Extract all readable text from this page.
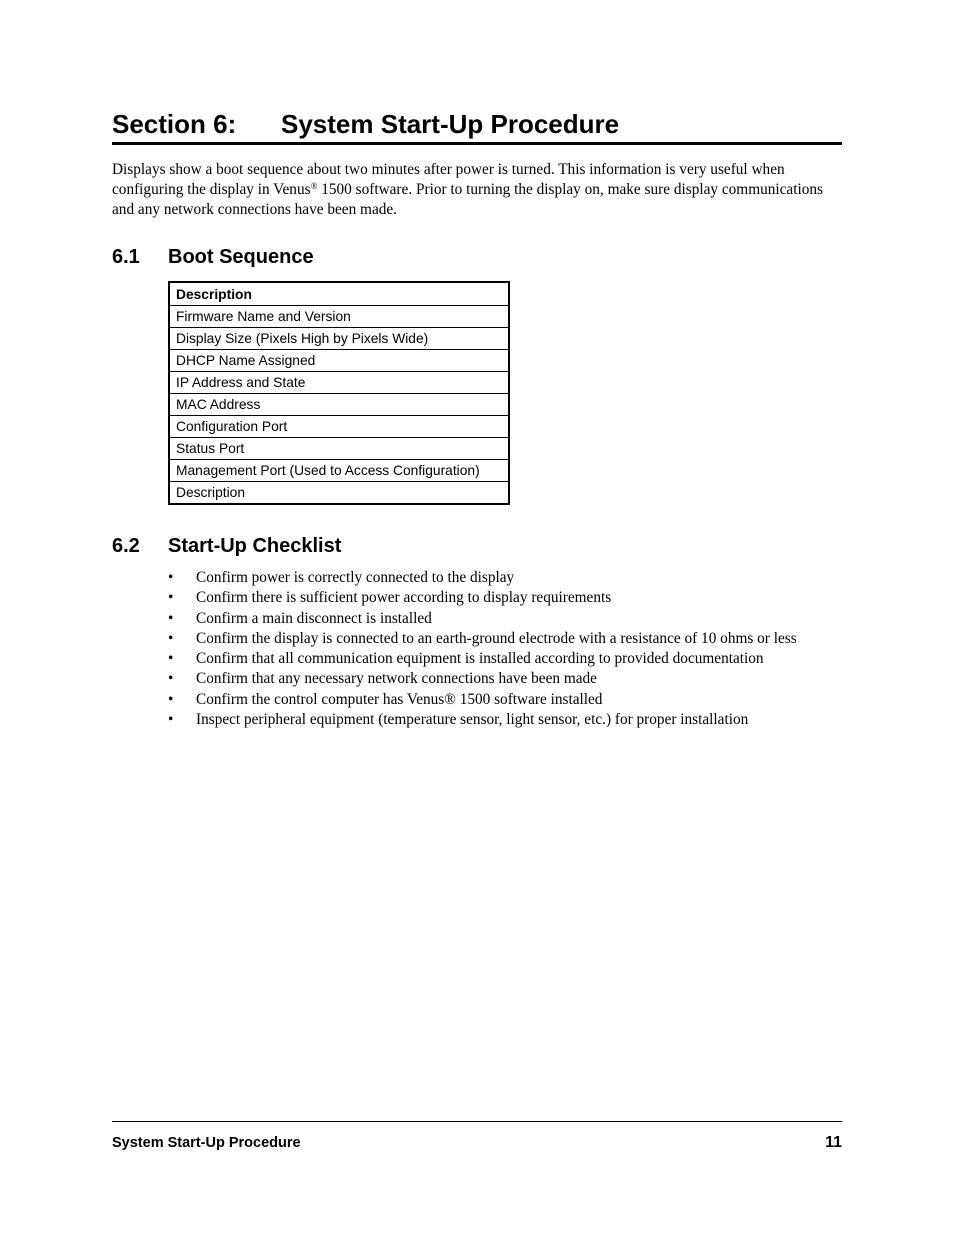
Section 6: System Start-Up Procedure

Displays show a boot sequence about two minutes after power is turned. This information is very useful when configuring the display in Venus® 1500 software. Prior to turning the display on, make sure display communications and any network connections have been made.

6.1 Boot Sequence
Description
Firmware Name and Version
Display Size (Pixels High by Pixels Wide)
DHCP Name Assigned
IP Address and State
MAC Address
Configuration Port
Status Port
Management Port (Used to Access Configuration)
Description
6.2 Start-Up Checklist
• Confirm power is correctly connected to the display
• Confirm there is sufficient power according to display requirements
• Confirm a main disconnect is installed
• Confirm the display is connected to an earth-ground electrode with a resistance of 10 ohms or less
• Confirm that all communication equipment is installed according to provided documentation
• Confirm that any necessary network connections have been made
• Confirm the control computer has Venus® 1500 software installed
• Inspect peripheral equipment (temperature sensor, light sensor, etc.) for proper installation
System Start-Up Procedure	11
